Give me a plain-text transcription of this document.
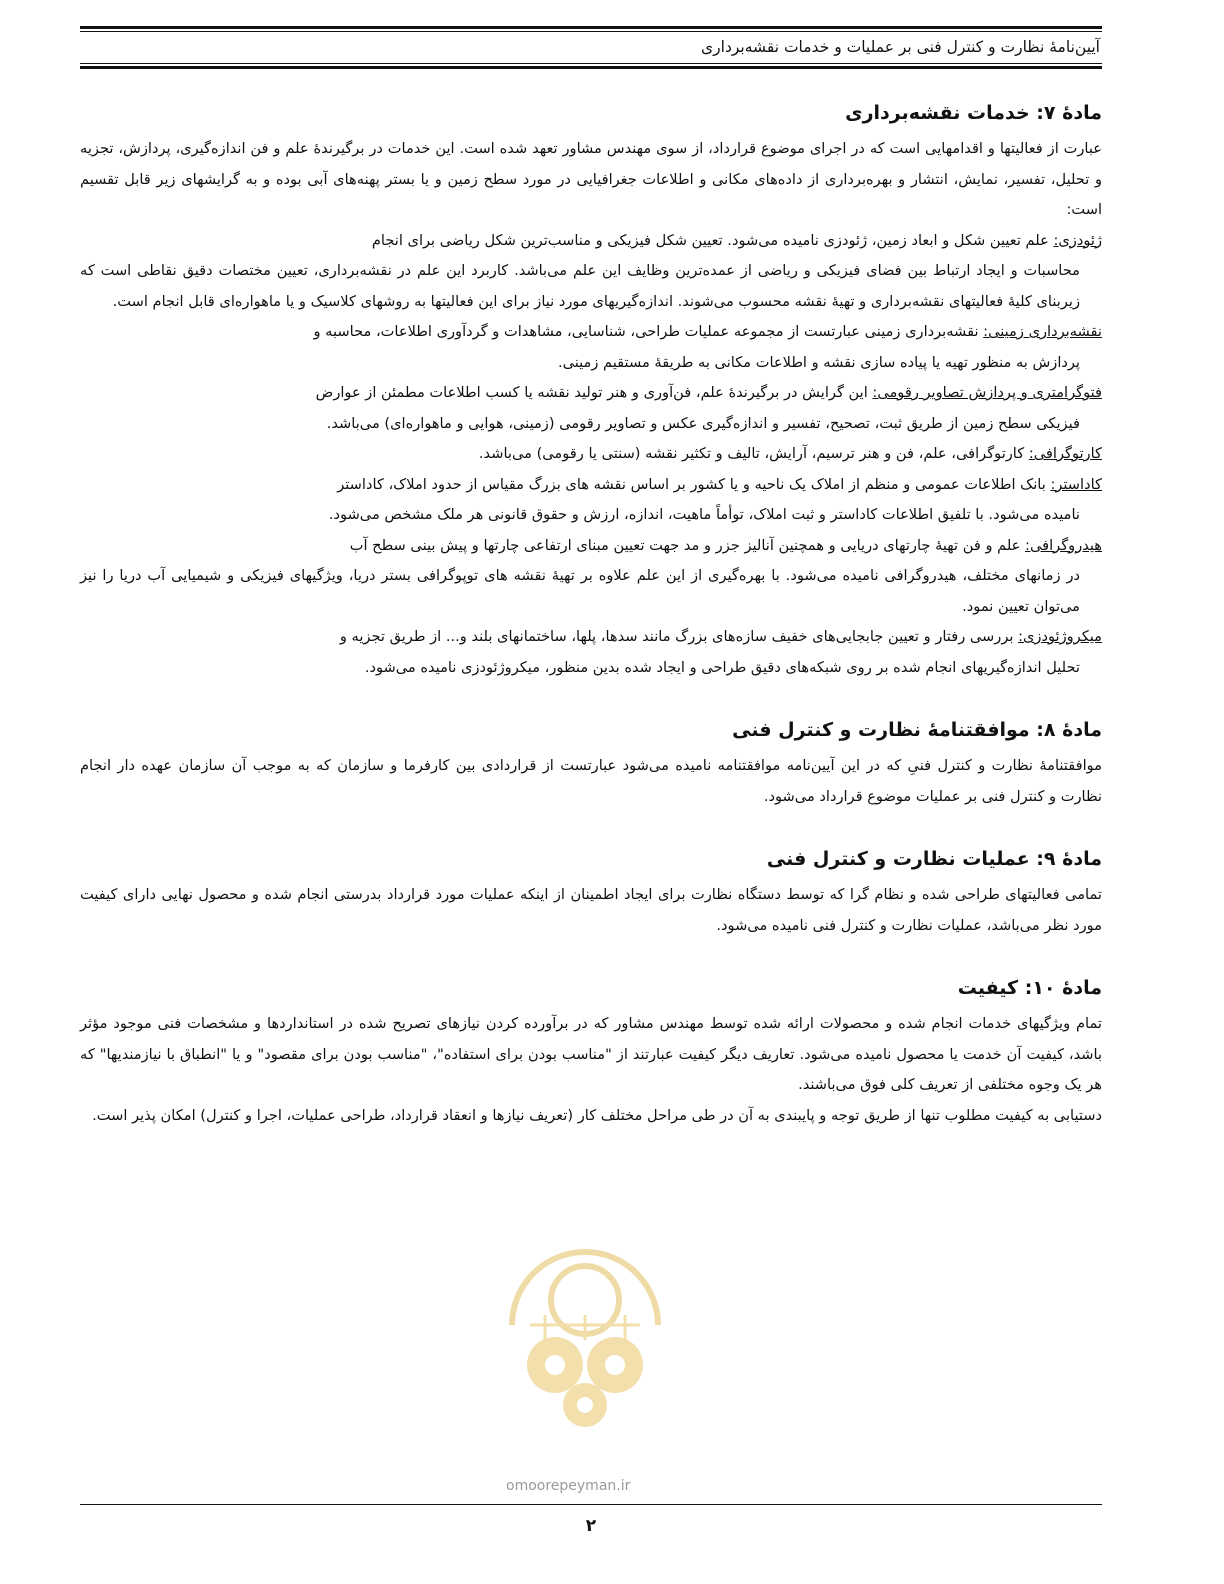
آیین‌نامهٔ نظارت و کنترل فنی بر عملیات و خدمات نقشه‌برداری
مادهٔ ۷: خدمات نقشه‌برداری

عبارت از فعالیتها و اقدامهایی است که در اجرای موضوع قرارداد، از سوی مهندس مشاور تعهد شده است. این خدمات در برگیرندهٔ علم و فن اندازه‌گیری، پردازش، تجزیه و تحلیل، تفسیر، نمایش، انتشار و بهره‌برداری از داده‌های مکانی و اطلاعات جغرافیایی در مورد سطح زمین و یا بستر پهنه‌های آبی بوده و به گرایشهای زیر قابل تقسیم است:

ژئودزی: علم تعیین شکل و ابعاد زمین، ژئودزی نامیده می‌شود. تعیین شکل فیزیکی و مناسب‌ترین شکل ریاضی برای انجام
محاسبات و ایجاد ارتباط بین فضای فیزیکی و ریاضی از عمده‌ترین وظایف این علم می‌باشد. کاربرد این علم در نقشه‌برداری، تعیین مختصات دقیق نقاطی است که زیربنای کلیهٔ فعالیتهای نقشه‌برداری و تهیهٔ نقشه محسوب می‌شوند. اندازه‌گیریهای مورد نیاز برای این فعالیتها به روشهای کلاسیک و یا ماهواره‌ای قابل انجام است.
نقشه‌برداری زمینی: نقشه‌برداری زمینی عبارتست از مجموعه عملیات طراحی، شناسایی، مشاهدات و گردآوری اطلاعات، محاسبه و
پردازش به منظور تهیه یا پیاده سازی نقشه و اطلاعات مکانی به طریقهٔ مستقیم زمینی.
فتوگرامتری و پردازش تصاویر رقومی: این گرایش در برگیرندهٔ علم، فن‌آوری و هنر تولید نقشه یا کسب اطلاعات مطمئن از عوارض
فیزیکی سطح زمین از طریق ثبت، تصحیح، تفسیر و اندازه‌گیری عکس و تصاویر رقومی (زمینی، هوایی و ماهواره‌ای) می‌باشد.
کارتوگرافی: کارتوگرافی، علم، فن و هنر ترسیم، آرایش، تالیف و تکثیر نقشه (سنتی یا رقومی) می‌باشد.
کاداستر: بانک اطلاعات عمومی و منظم از املاک یک ناحیه و یا کشور بر اساس نقشه های بزرگ مقیاس از حدود املاک، کاداستر
نامیده می‌شود. با تلفیق اطلاعات کاداستر و ثبت املاک، توأماً ماهیت، اندازه، ارزش و حقوق قانونی هر ملک مشخص می‌شود.
هیدروگرافی: علم و فن تهیهٔ چارتهای دریایی و همچنین آنالیز جزر و مد جهت تعیین مبنای ارتفاعی چارتها و پیش بینی سطح آب
در زمانهای مختلف، هیدروگرافی نامیده می‌شود. با بهره‌گیری از این علم علاوه بر تهیهٔ نقشه های توپوگرافی بستر دریا، ویژگیهای فیزیکی و شیمیایی آب دریا را نیز می‌توان تعیین نمود.
میکروژئودزی: بررسی رفتار و تعیین جابجایی‌های خفیف سازه‌های بزرگ مانند سدها، پلها، ساختمانهای بلند و... از طریق تجزیه و
تحلیل اندازه‌گیریهای انجام شده بر روی شبکه‌های دقیق طراحی و ایجاد شده بدین منظور، میکروژئودزی نامیده می‌شود.
مادهٔ ۸: موافقتنامهٔ نظارت و کنترل فنی

موافقتنامهٔ نظارت و کنترل فنیِ که در این آیین‌نامه موافقتنامه نامیده می‌شود عبارتست از قراردادی بین کارفرما و سازمان که به موجب آن سازمان عهده دار انجام نظارت و کنترل فنی بر عملیات موضوع قرارداد می‌شود.

مادهٔ ۹: عملیات نظارت و کنترل فنی

تمامی فعالیتهای طراحی شده و نظام گرا که توسط دستگاه نظارت برای ایجاد اطمینان از اینکه عملیات مورد قرارداد بدرستی انجام شده و محصول نهایی دارای کیفیت مورد نظر می‌باشد، عملیات نظارت و کنترل فنی نامیده می‌شود.

مادهٔ ۱۰: کیفیت

تمام ویژگیهای خدمات انجام شده و محصولات ارائه شده توسط مهندس مشاور که در برآورده کردن نیازهای تصریح شده در استانداردها و مشخصات فنی موجود مؤثر باشد، کیفیت آن خدمت یا محصول نامیده می‌شود. تعاریف دیگر کیفیت عبارتند از "مناسب بودن برای استفاده"، "مناسب بودن برای مقصود" و یا "انطباق با نیازمندیها" که هر یک وجوه مختلفی از تعریف کلی فوق می‌باشند.

دستیابی به کیفیت مطلوب تنها از طریق توجه و پایبندی به آن در طی مراحل مختلف کار (تعریف نیازها و انعقاد قرارداد، طراحی عملیات، اجرا و کنترل) امکان پذیر است.

۲
omoorepeyman.ir
